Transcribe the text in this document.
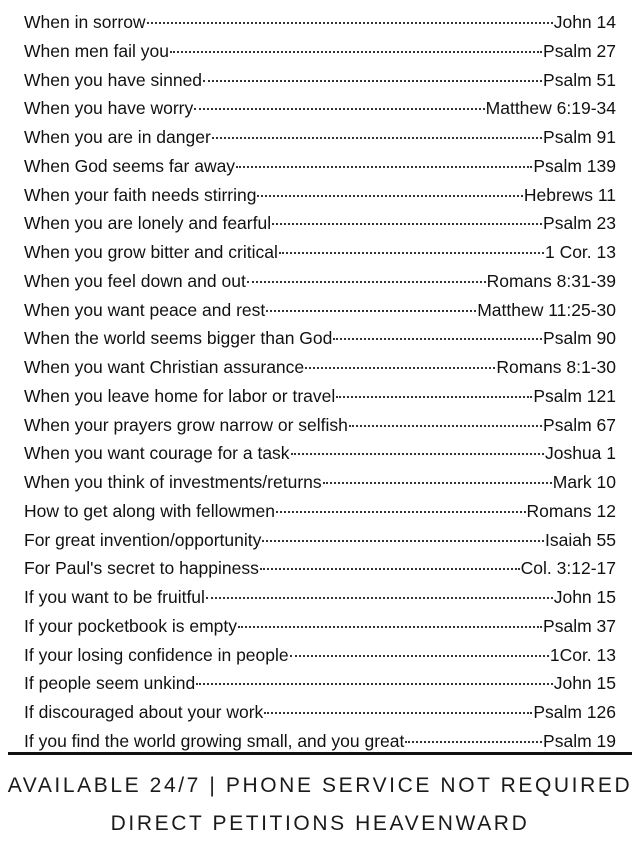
When in sorrow	John 14
When men fail you	Psalm 27
When you have sinned	Psalm 51
When you have worry	Matthew 6:19-34
When you are in danger	Psalm 91
When God seems far away	Psalm 139
When your faith needs stirring	Hebrews 11
When you are lonely and fearful	Psalm 23
When you grow bitter and critical	1 Cor. 13
When you feel down and out	Romans 8:31-39
When you want peace and rest	Matthew 11:25-30
When the world seems bigger than God	Psalm 90
When you want Christian assurance	Romans 8:1-30
When you leave home for labor or travel	Psalm 121
When your prayers grow narrow or selfish	Psalm 67
When you want courage for a task	Joshua 1
When you think of investments/returns	Mark 10
How to get along with fellowmen	Romans 12
For great invention/opportunity	Isaiah 55
For Paul's secret to happiness	Col. 3:12-17
If you want to be fruitful	John 15
If your pocketbook is empty	Psalm 37
If your losing confidence in people	1Cor. 13
If people seem unkind	John 15
If discouraged about your work	Psalm 126
If you find the world growing small, and you great	Psalm 19
AVAILABLE 24/7 | PHONE SERVICE NOT REQUIRED
DIRECT PETITIONS HEAVENWARD
